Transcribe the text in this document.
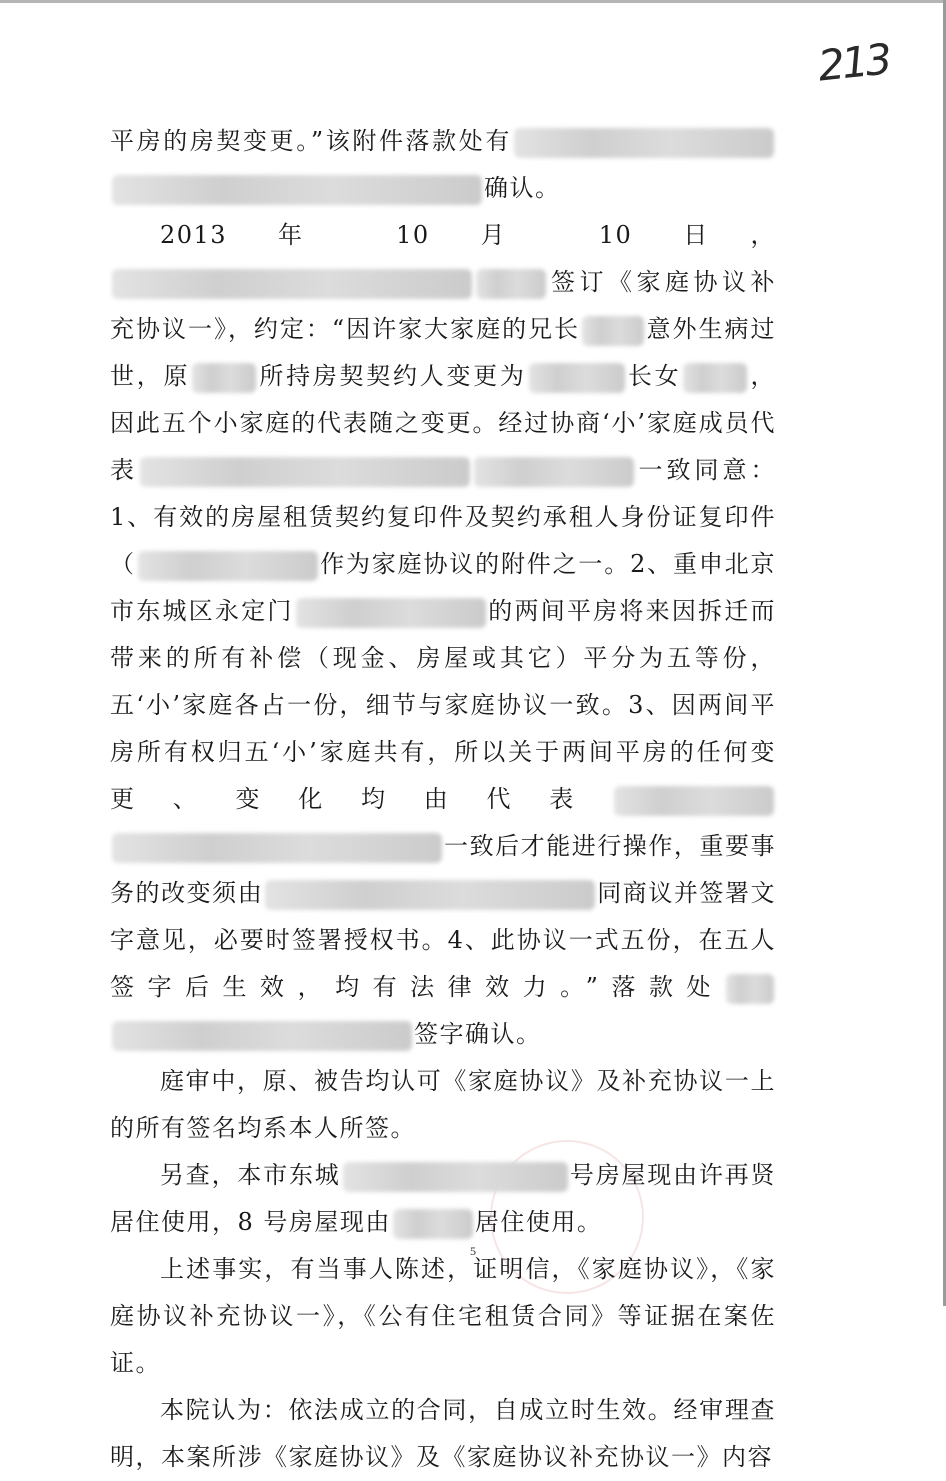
213

平房的房契变更。”该附件落款处有确认。

2013 年 10 月 10 日，签订《家庭协议补充协议一》，约定：“因许家大家庭的兄长	意外生病过世，原	所持房契契约人变更为	长女	，因此五个小家庭的代表随之变更。经过协商‘小’家庭成员代表	一致同意：1、有效的房屋租赁契约复印件及契约承租人身份证复印件（	作为家庭协议的附件之一。2、重申北京市东城区永定门	的两间平房将来因拆迁而带来的所有补偿（现金、房屋或其它）平分为五等份，五‘小’家庭各占一份，细节与家庭协议一致。3、因两间平房所有权归五‘小’家庭共有，所以关于两间平房的任何变更、变化均由代表一致后才能进行操作，重要事务的改变须由	同商议并签署文字意见，必要时签署授权书。4、此协议一式五份，在五人签字后生效，均有法律效力。”落款处签字确认。

庭审中，原、被告均认可《家庭协议》及补充协议一上的所有签名均系本人所签。

另查，本市东城	号房屋现由许再贤居住使用，8 号房屋现由	居住使用。

上述事实，有当事人陈述，证明信，《家庭协议》，《家庭协议补充协议一》，《公有住宅租赁合同》等证据在案佐证。

本院认为：依法成立的合同，自成立时生效。经审理查明，本案所涉《家庭协议》及《家庭协议补充协议一》内容

5
